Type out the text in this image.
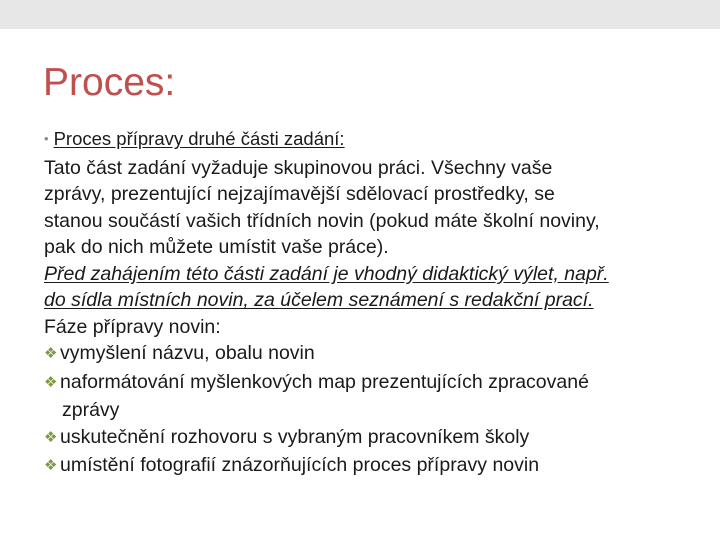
Proces:

• Proces přípravy druhé části zadání:

Tato část zadání vyžaduje skupinovou práci. Všechny vaše

zprávy, prezentující nejzajímavější sdělovací prostředky, se

stanou součástí vašich třídních novin (pokud máte školní noviny,

pak do nich můžete umístit vaše práce).

Před zahájením této části zadání je vhodný didaktický výlet, např.

do sídla místních novin, za účelem seznámení s redakční prací.

Fáze přípravy novin:

❖ vymyšlení názvu, obalu novin

❖ naformátování myšlenkových map prezentujících zpracované

zprávy

❖ uskutečnění rozhovoru s vybraným pracovníkem školy

❖ umístění fotografií znázorňujících proces přípravy novin
